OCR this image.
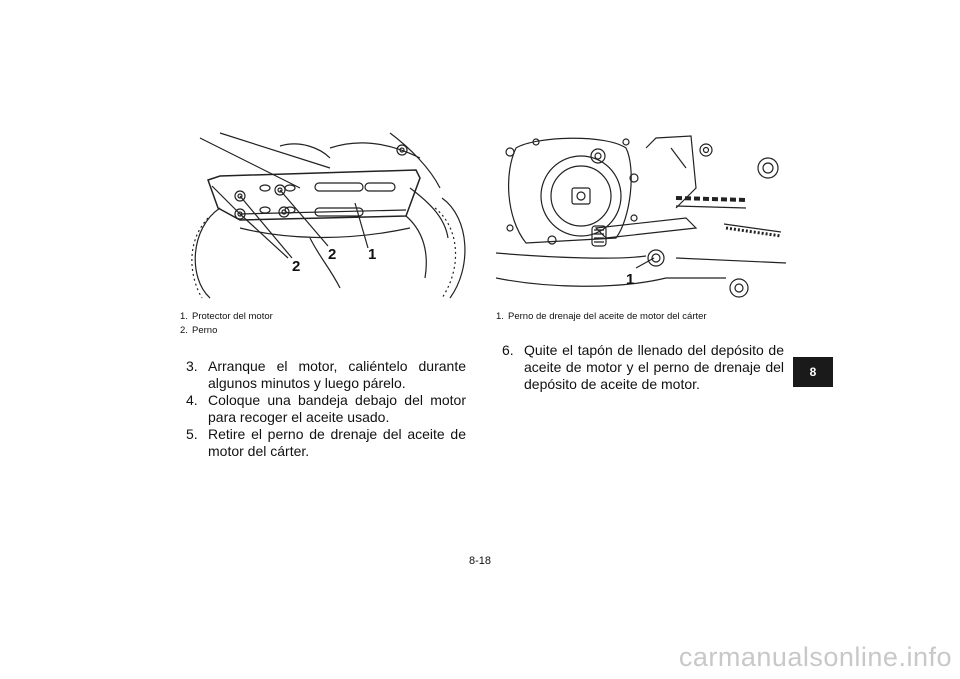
2
2 1
1. Protector del motor
2. Perno
3. Arranque el motor, caliéntelo durante algunos minutos y luego párelo.
4. Coloque una bandeja debajo del motor para recoger el aceite usado.
5. Retire el perno de drenaje del aceite de motor del cárter.
1
1. Perno de drenaje del aceite de motor del cárter
6. Quite el tapón de llenado del depósito de aceite de motor y el perno de drenaje del depósito de aceite de motor.
8
8-18
carmanualsonline.info
